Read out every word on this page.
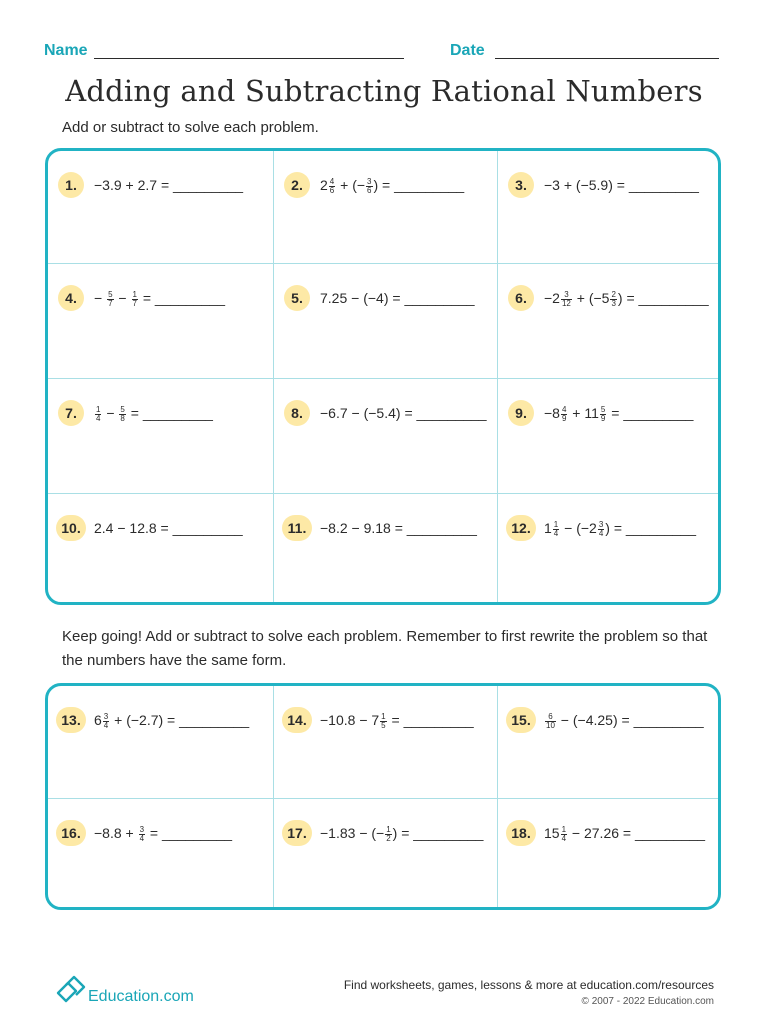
Name	Date
Adding and Subtracting Rational Numbers
Add or subtract to solve each problem.
1.	−3.9 + 2.7 = _________	2.	$2 \frac{4}{6}$ + (− $\frac{3}{6}$ ) = _________	3.	−3 + (−5.9) = _________
4.	− $\frac{5}{7} - \frac{1}{7}$ = _________	5.	7.25 − (−4) = _________	6.	$-2 \frac{3}{12} + (-5 \frac{2}{3}$ ) = _________
7.	$\frac{1}{4} - \frac{5}{8}$ = _________	8.	−6.7 − (−5.4) = _________	9.	$-8 \frac{4}{9} + 11 \frac{5}{9}$ = _________
10. 2.4 − 12.8 = _________	11. −8.2 − 9.18 = _________	12. $1 \frac{1}{4} - (-2 \frac{3}{4}$ ) = _________
Keep going! Add or subtract to solve each problem. Remember to first rewrite the problem so that the numbers have the same form.
13. $6 \frac{3}{4} + (-2.7)$ = _________	14. $-10.8 - 7 \frac{1}{5}$ = _________	15.	$\frac{6}{10} - (-4.25)$ = _________
16. $-8.8 + \frac{3}{4}$ = _________	17. −1.83 − (− $\frac{1}{2}$ ) = _________	18. $15 \frac{1}{4} - 27.26$ = _________
Education.com
Find worksheets, games, lessons & more at education.com/resources
© 2007 - 2022 Education.com
